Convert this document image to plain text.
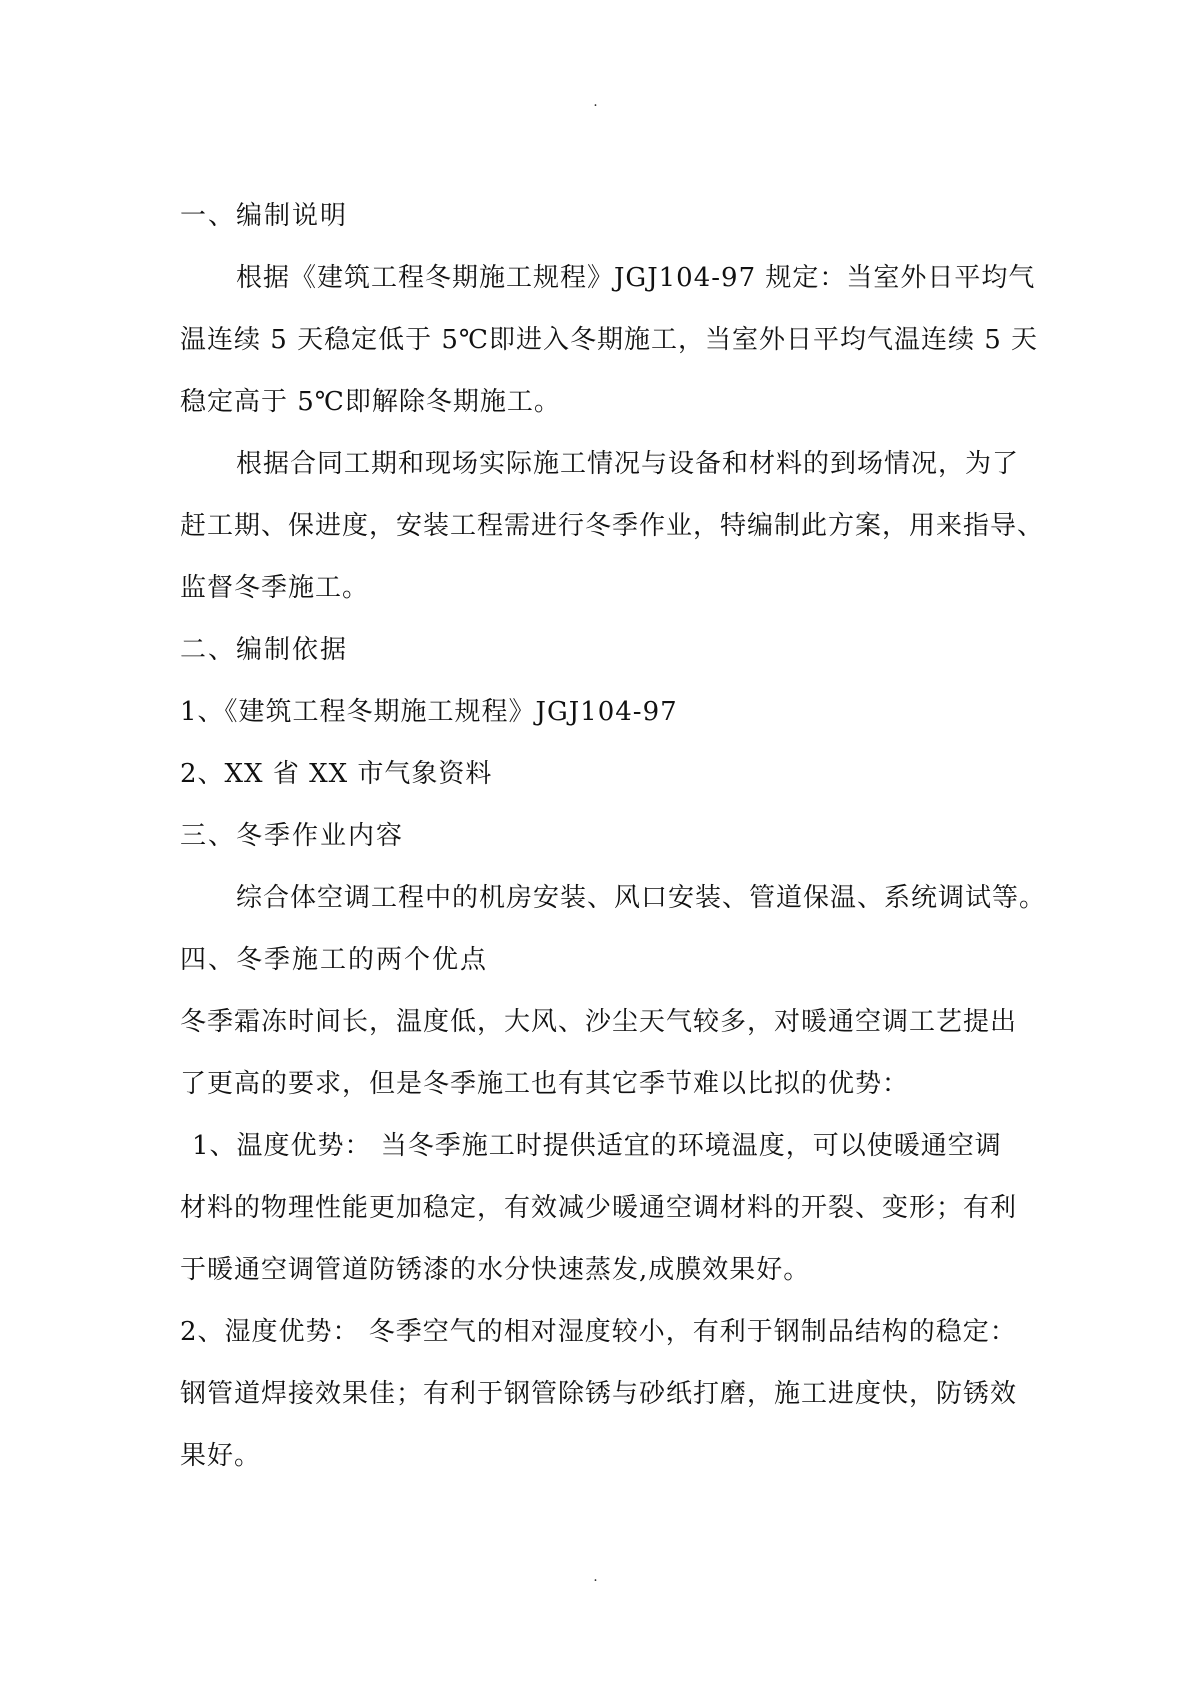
.
一、编制说明
根据《建筑工程冬期施工规程》JGJ104-97 规定：当室外日平均气
温连续 5 天稳定低于 5℃即进入冬期施工，当室外日平均气温连续 5 天
稳定高于 5℃即解除冬期施工。
根据合同工期和现场实际施工情况与设备和材料的到场情况，为了
赶工期、保进度，安装工程需进行冬季作业，特编制此方案，用来指导、
监督冬季施工。
二、编制依据
1、《建筑工程冬期施工规程》JGJ104-97
2、XX 省 XX 市气象资料
三、冬季作业内容
综合体空调工程中的机房安装、风口安装、管道保温、系统调试等。
四、冬季施工的两个优点
冬季霜冻时间长，温度低，大风、沙尘天气较多，对暖通空调工艺提出
了更高的要求，但是冬季施工也有其它季节难以比拟的优势：
1、温度优势： 当冬季施工时提供适宜的环境温度，可以使暖通空调
材料的物理性能更加稳定，有效减少暖通空调材料的开裂、变形；有利
于暖通空调管道防锈漆的水分快速蒸发,成膜效果好。
2、湿度优势： 冬季空气的相对湿度较小，有利于钢制品结构的稳定：
钢管道焊接效果佳；有利于钢管除锈与砂纸打磨，施工进度快，防锈效
果好。
.
